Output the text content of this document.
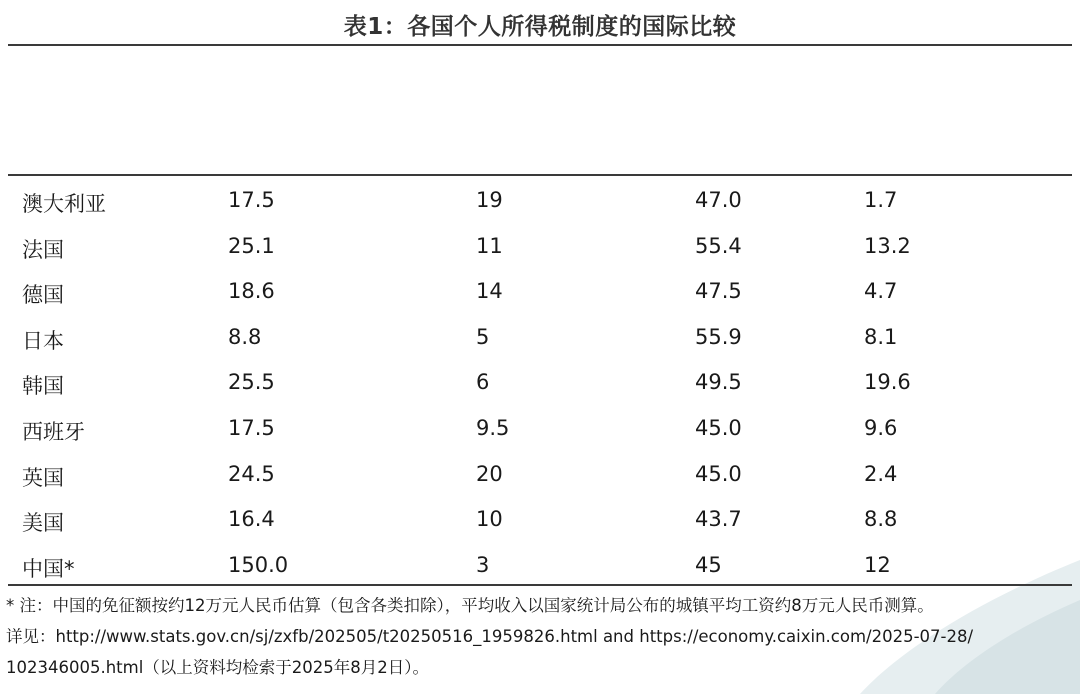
表1：各国个人所得税制度的国际比较
澳大利亚	17.5	19	47.0	1.7
法国	25.1	11	55.4	13.2
德国	18.6	14	47.5	4.7
日本	8.8	5	55.9	8.1
韩国	25.5	6	49.5	19.6
西班牙	17.5	9.5	45.0	9.6
英国	24.5	20	45.0	2.4
美国	16.4	10	43.7	8.8
中国*	150.0	3	45	12
* 注：中国的免征额按约12万元人民币估算（包含各类扣除），平均收入以国家统计局公布的城镇平均工资约8万元人民币测算。
详见：http://www.stats.gov.cn/sj/zxfb/202505/t20250516_1959826.html and https://economy.caixin.com/2025-07-28/
102346005.html（以上资料均检索于2025年8月2日）。
